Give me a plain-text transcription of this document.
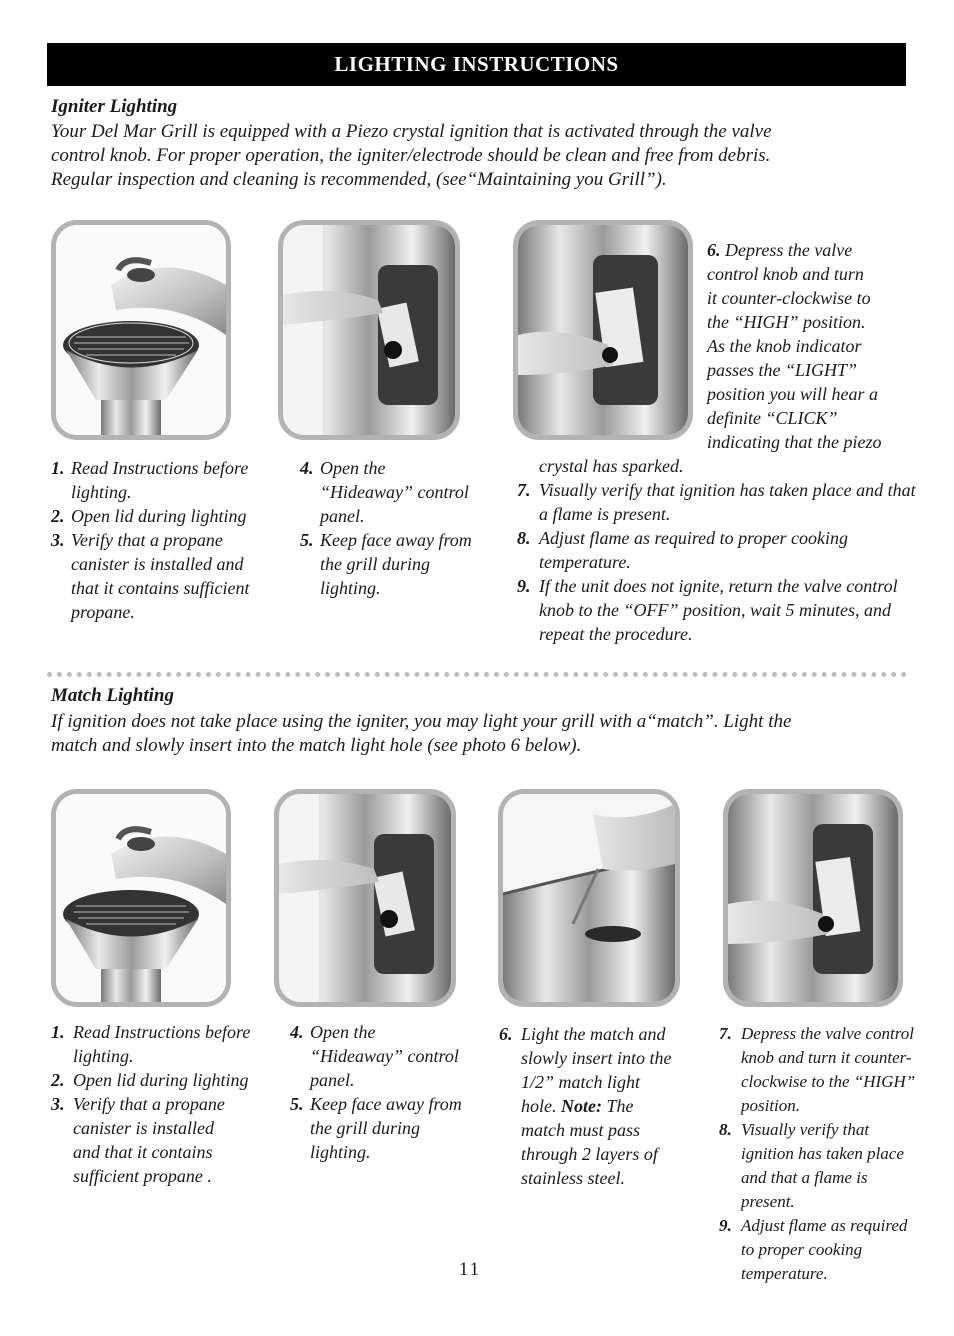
LIGHTING INSTRUCTIONS
Igniter Lighting

Your Del Mar Grill is equipped with a Piezo crystal ignition that is activated through the valve

control knob. For proper operation, the igniter/electrode should be clean and free from debris.

Regular inspection and cleaning is recommended, (see“Maintaining you Grill”).

6. Depress the valve
control knob and turn
it counter-clockwise to
the “HIGH” position.
As the knob indicator
passes the “LIGHT”
position you will hear a
definite “CLICK”
indicating that the piezo
crystal has sparked.
1. Read Instructions before lighting.
2. Open lid during lighting
3. Verify that a propane canister is installed and that it contains sufficient propane.
4. Open the “Hideaway” control panel.
5. Keep face away from the grill during lighting.
7. Visually verify that ignition has taken place and that a flame is present.
8. Adjust flame as required to proper cooking temperature.
9. If the unit does not ignite, return the valve control knob to the “OFF” position, wait 5 minutes, and repeat the procedure.
Match Lighting

If ignition does not take place using the igniter, you may light your grill with a“match”. Light the

match and slowly insert into the match light hole (see photo 6 below).

1. Read Instructions before lighting.
2. Open lid during lighting
3. Verify that a propane canister is installed and that it contains sufficient propane .
4. Open the “Hideaway” control panel.
5. Keep face away from the grill during lighting.
6. Light the match and slowly insert into the 1/2” match light hole. Note: The match must pass through 2 layers of stainless steel.
7. Depress the valve control knob and turn it counter-clockwise to the “HIGH” position.
8. Visually verify that ignition has taken place and that a flame is present.
9. Adjust flame as required to proper cooking temperature.
11
